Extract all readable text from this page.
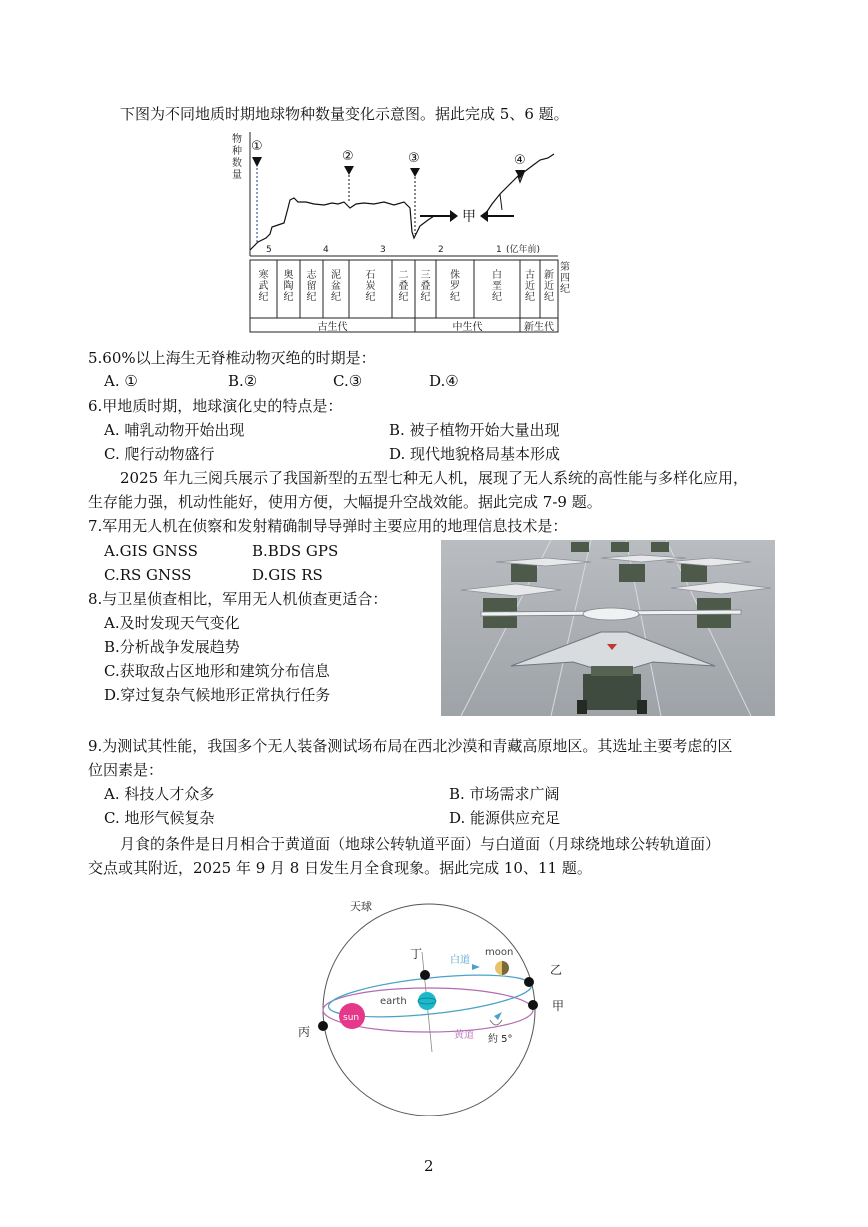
下图为不同地质时期地球物种数量变化示意图。据此完成 5、6 题。
物
种
数
量
5	4	3	2	1 (亿年前)
①
②	③	④
甲
寒
武
纪
奥
陶
纪
志
留
纪
泥
盆
纪
石
炭
纪
二
叠
纪
三
叠
纪
侏
罗
纪
白
垩
纪
古
近
纪
新
近
纪
第
四
纪
古生代	中生代	新生代
5.60%以上海生无脊椎动物灭绝的时期是：
A. ①	B.②	C.③	D.④
6.甲地质时期，地球演化史的特点是：
A. 哺乳动物开始出现	B. 被子植物开始大量出现
C. 爬行动物盛行	D. 现代地貌格局基本形成
2025 年九三阅兵展示了我国新型的五型七种无人机，展现了无人系统的高性能与多样化应用，
生存能力强，机动性能好，使用方便，大幅提升空战效能。据此完成 7-9 题。
7.军用无人机在侦察和发射精确制导导弹时主要应用的地理信息技术是：
A.GIS GNSS	B.BDS GPS
C.RS GNSS	D.GIS RS
8.与卫星侦查相比，军用无人机侦查更适合：
A.及时发现天气变化
B.分析战争发展趋势
C.获取敌占区地形和建筑分布信息
D.穿过复杂气候地形正常执行任务
9.为测试其性能，我国多个无人装备测试场布局在西北沙漠和青藏高原地区。其选址主要考虑的区
位因素是：
A. 科技人才众多	B. 市场需求广阔
C. 地形气候复杂	D. 能源供应充足
月食的条件是日月相合于黄道面（地球公转轨道平面）与白道面（月球绕地球公转轨道面）
交点或其附近，2025 年 9 月 8 日发生月全食现象。据此完成 10、11 题。
天球
丁	白道
moon
乙
earth	甲
sun
丙	黄道 約 5°
2
